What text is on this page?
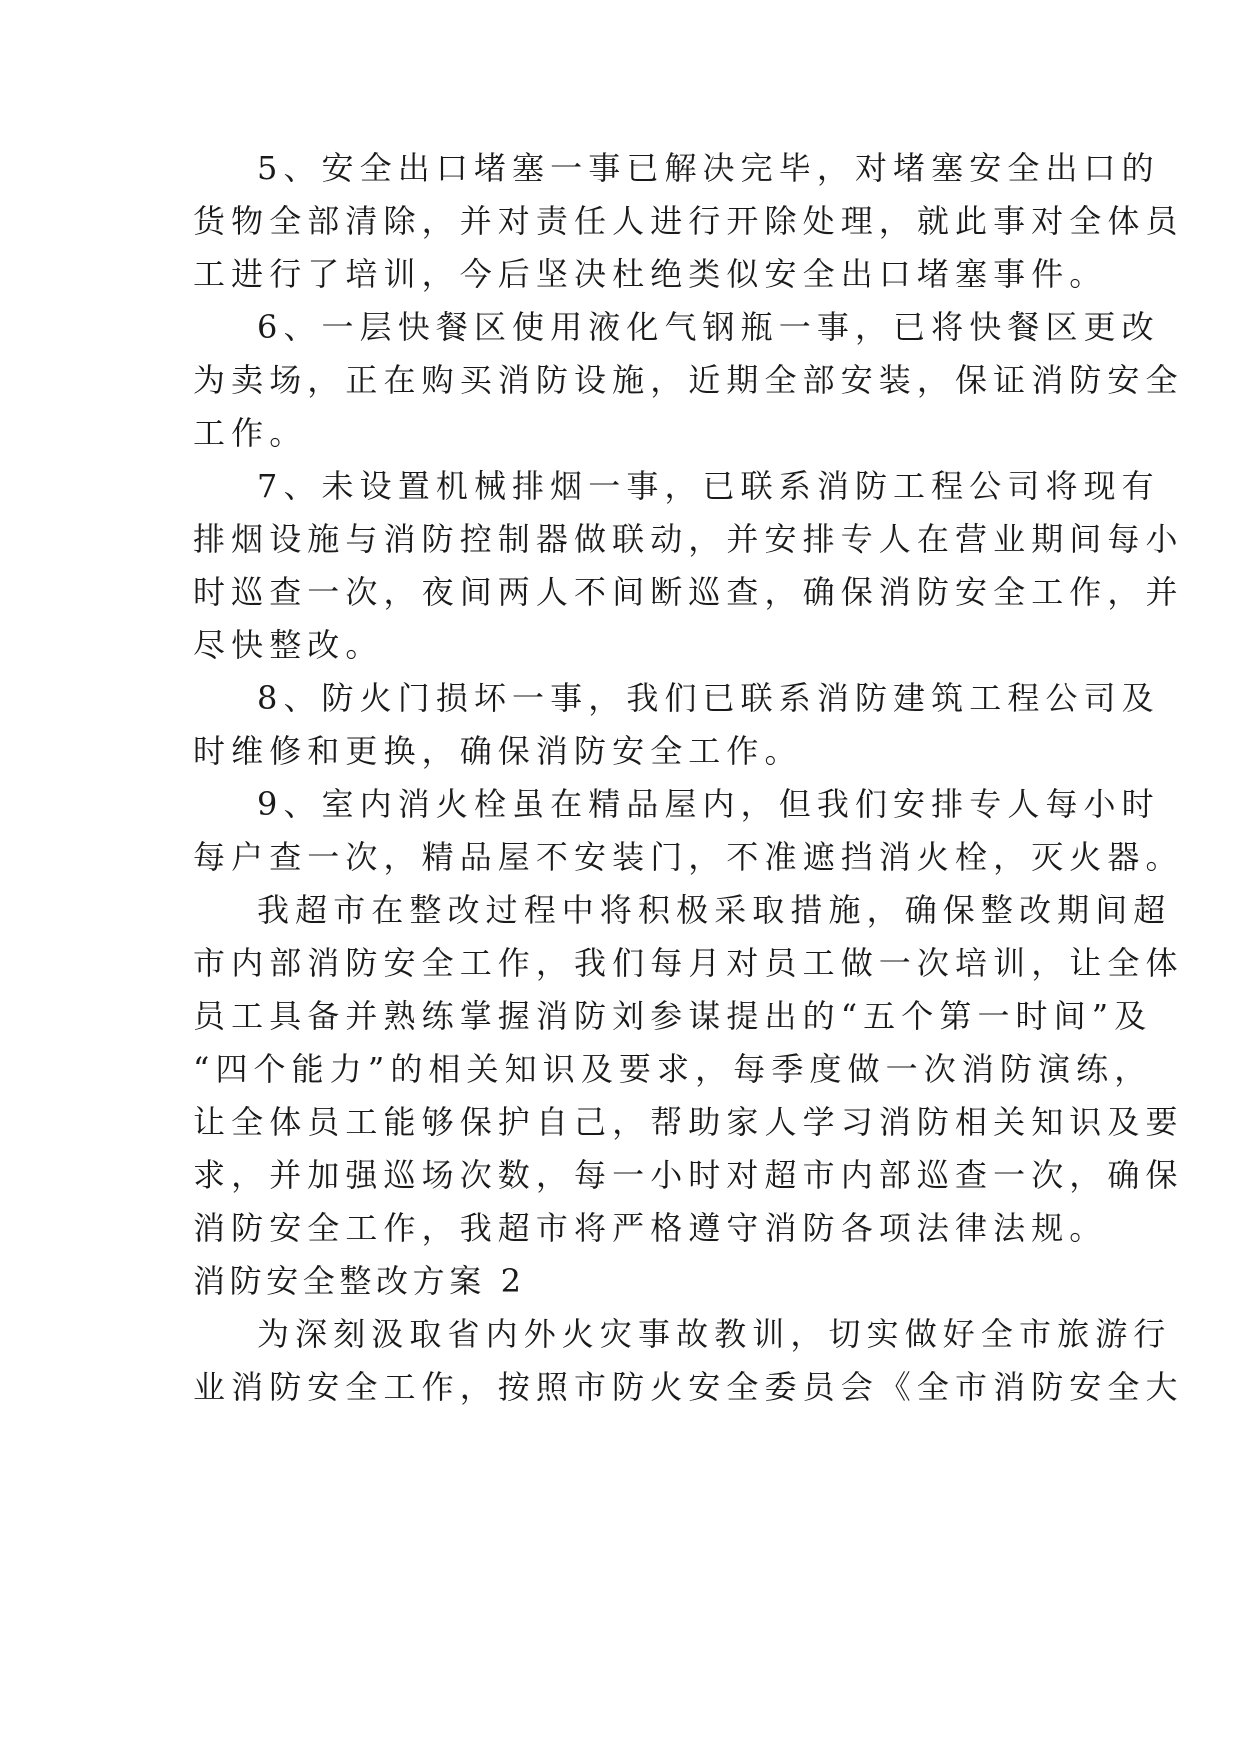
5、安全出口堵塞一事已解决完毕，对堵塞安全出口的
货物全部清除，并对责任人进行开除处理，就此事对全体员
工进行了培训，今后坚决杜绝类似安全出口堵塞事件。
6、一层快餐区使用液化气钢瓶一事，已将快餐区更改
为卖场，正在购买消防设施，近期全部安装，保证消防安全
工作。
7、未设置机械排烟一事，已联系消防工程公司将现有
排烟设施与消防控制器做联动，并安排专人在营业期间每小
时巡查一次，夜间两人不间断巡查，确保消防安全工作，并
尽快整改。
8、防火门损坏一事，我们已联系消防建筑工程公司及
时维修和更换，确保消防安全工作。
9、室内消火栓虽在精品屋内，但我们安排专人每小时
每户查一次，精品屋不安装门，不准遮挡消火栓，灭火器。
我超市在整改过程中将积极采取措施，确保整改期间超
市内部消防安全工作，我们每月对员工做一次培训，让全体
员工具备并熟练掌握消防刘参谋提出的“五个第一时间”及
“四个能力”的相关知识及要求，每季度做一次消防演练，
让全体员工能够保护自己，帮助家人学习消防相关知识及要
求，并加强巡场次数，每一小时对超市内部巡查一次，确保
消防安全工作，我超市将严格遵守消防各项法律法规。
消防安全整改方案 2
为深刻汲取省内外火灾事故教训，切实做好全市旅游行
业消防安全工作，按照市防火安全委员会《全市消防安全大
